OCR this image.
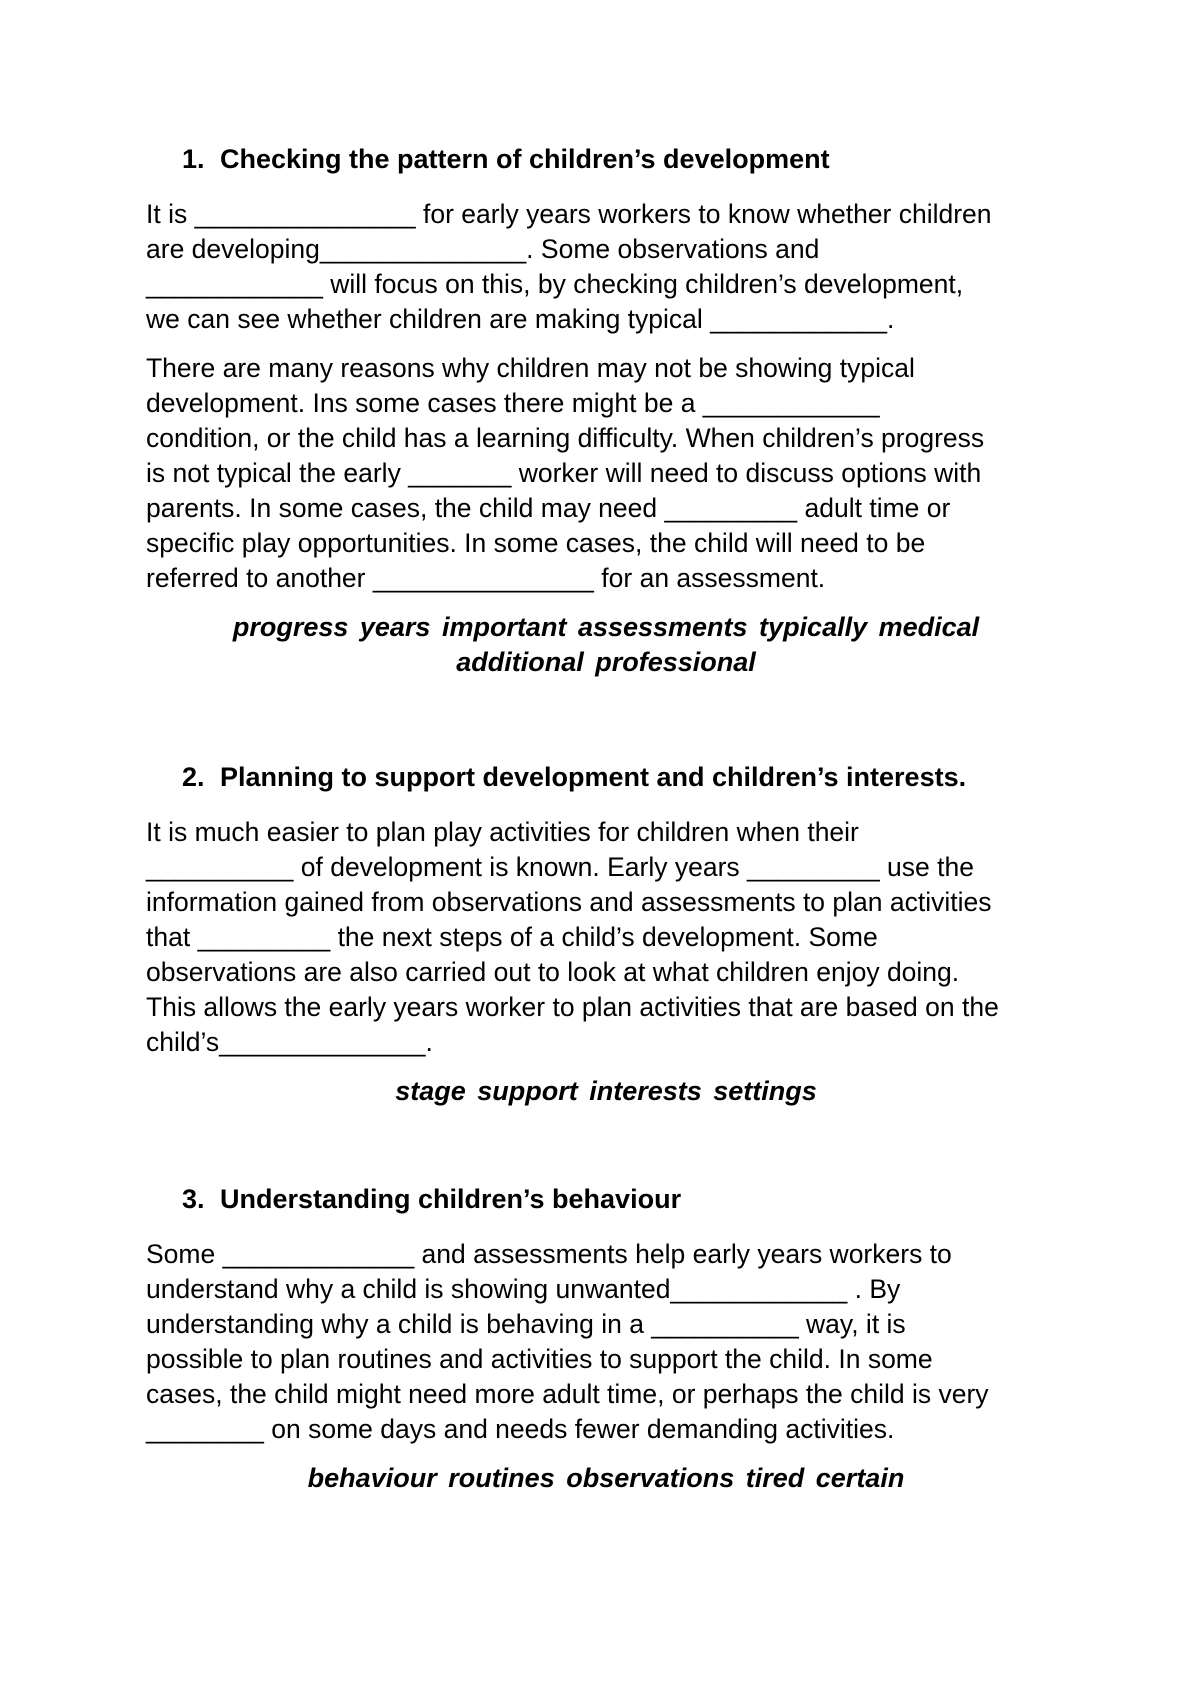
1. Checking the pattern of children’s development
It is _______________ for early years workers to know whether children
are developing______________. Some observations and
____________ will focus on this, by checking children’s development,
we can see whether children are making typical ____________.
There are many reasons why children may not be showing typical
development. Ins some cases there might be a ____________
condition, or the child has a learning difficulty. When children’s progress
is not typical the early _______ worker will need to discuss options with
parents. In some cases, the child may need _________ adult time or
specific play opportunities. In some cases, the child will need to be
referred to another _______________ for an assessment.
progress years important assessments typically medical
additional professional
2. Planning to support development and children’s interests.
It is much easier to plan play activities for children when their
__________ of development is known. Early years _________ use the
information gained from observations and assessments to plan activities
that _________ the next steps of a child’s development. Some
observations are also carried out to look at what children enjoy doing.
This allows the early years worker to plan activities that are based on the
child’s______________.
stage support interests settings
3. Understanding children’s behaviour
Some _____________ and assessments help early years workers to
understand why a child is showing unwanted____________ . By
understanding why a child is behaving in a __________ way, it is
possible to plan routines and activities to support the child. In some
cases, the child might need more adult time, or perhaps the child is very
________ on some days and needs fewer demanding activities.
behaviour routines observations tired certain
